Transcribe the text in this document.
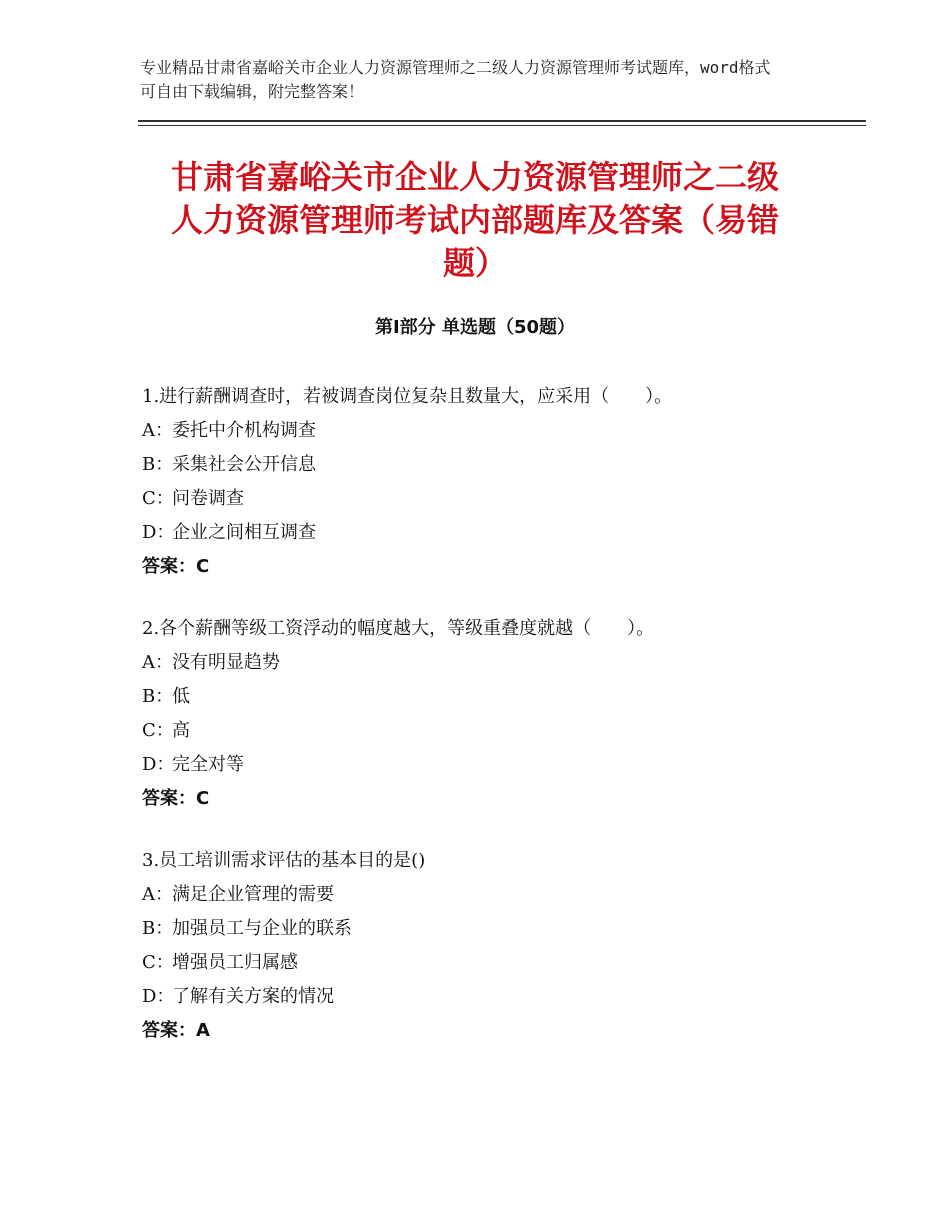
专业精品甘肃省嘉峪关市企业人力资源管理师之二级人力资源管理师考试题库，word格式可自由下载编辑，附完整答案！
甘肃省嘉峪关市企业人力资源管理师之二级
人力资源管理师考试内部题库及答案（易错
题）
第Ⅰ部分 单选题（50题）
1.进行薪酬调查时，若被调查岗位复杂且数量大，应采用（　　）。
A：委托中介机构调查
B：采集社会公开信息
C：问卷调查
D：企业之间相互调查
答案：C
2.各个薪酬等级工资浮动的幅度越大，等级重叠度就越（　　）。
A：没有明显趋势
B：低
C：高
D：完全对等
答案：C
3.员工培训需求评估的基本目的是()
A：满足企业管理的需要
B：加强员工与企业的联系
C：增强员工归属感
D：了解有关方案的情况
答案：A
